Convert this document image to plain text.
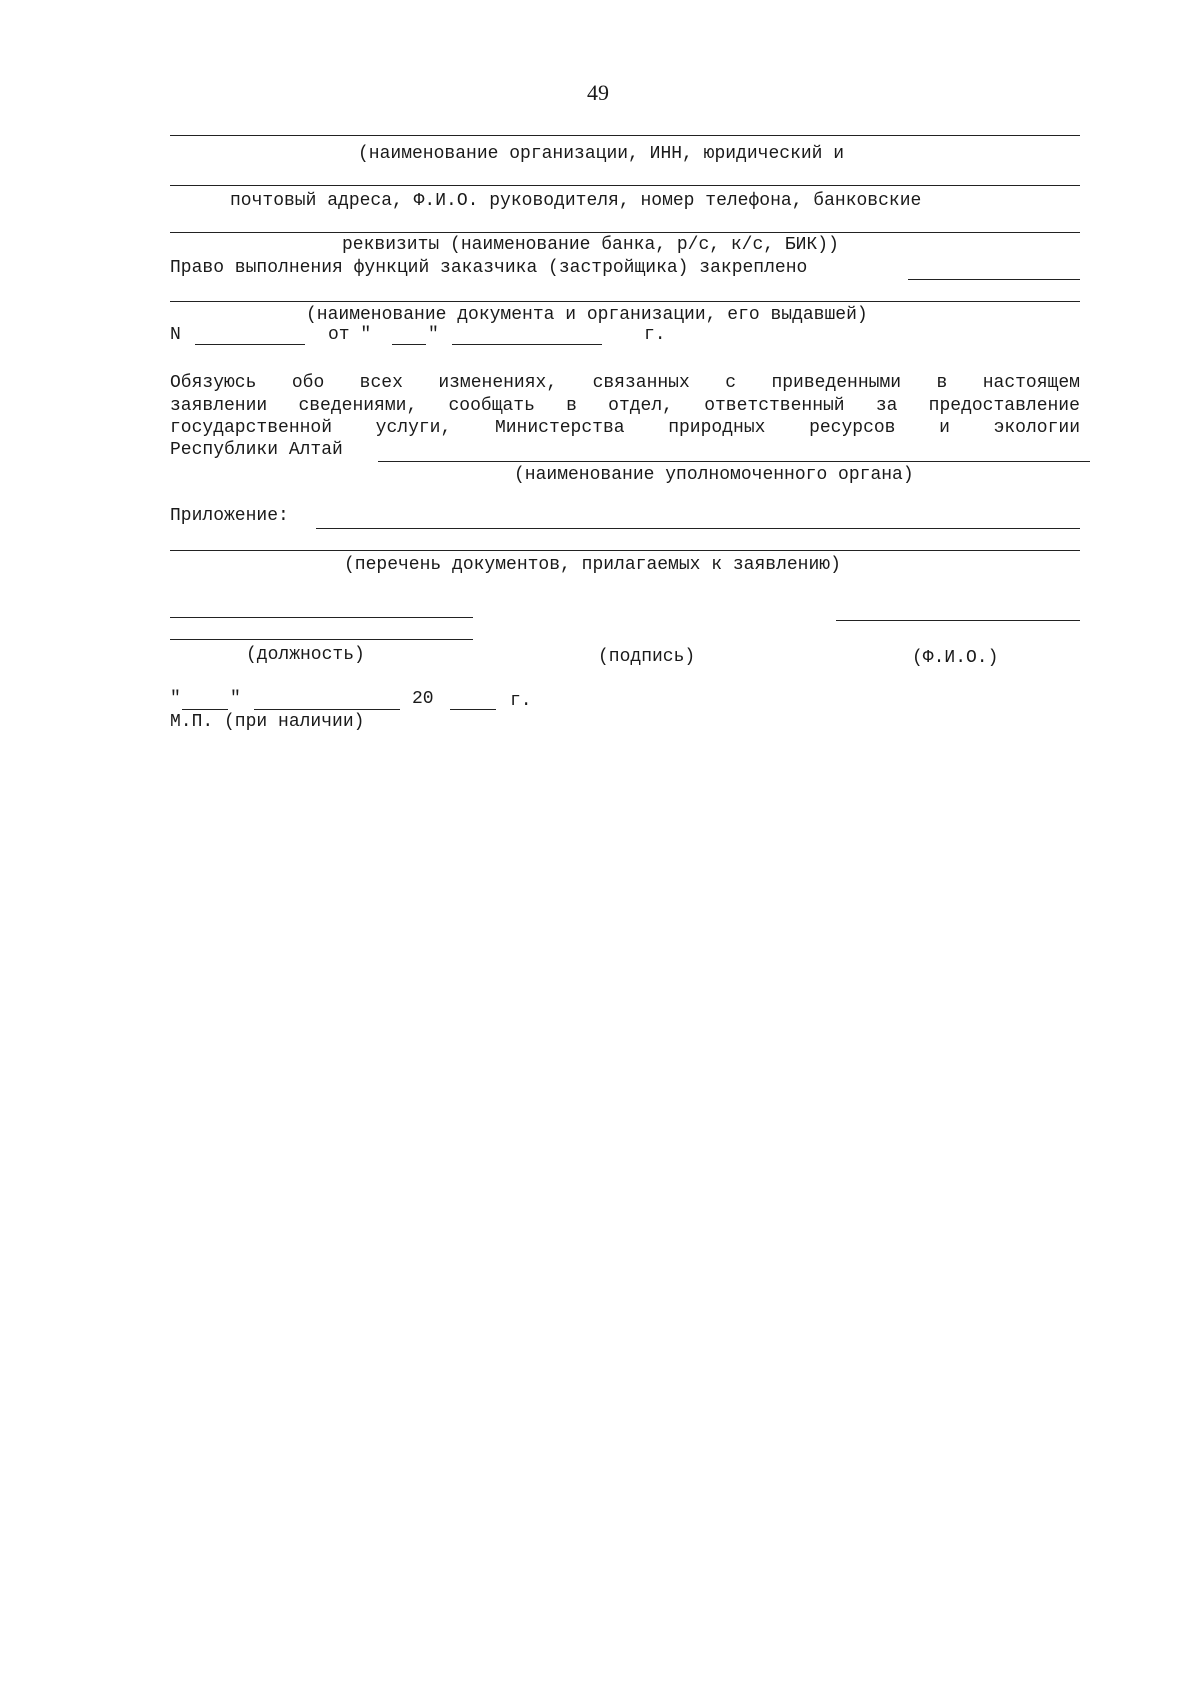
49
(наименование организации, ИНН, юридический и
почтовый адреса, Ф.И.О. руководителя, номер телефона, банковские
реквизиты (наименование банка, р/с, к/с, БИК))
Право выполнения функций заказчика (застройщика) закреплено
(наименование документа и организации, его выдавшей)
N	от "	"	г.
Обязуюсь обо всех изменениях, связанных с приведенными в настоящем
заявлении сведениями, сообщать в отдел, ответственный за предоставление
государственной услуги, Министерства природных ресурсов и экологии
Республики Алтай
(наименование уполномоченного органа)
Приложение:
(перечень документов, прилагаемых к заявлению)
(должность)	(подпись)	(Ф.И.О.)
"	"	20	г.
М.П. (при наличии)
